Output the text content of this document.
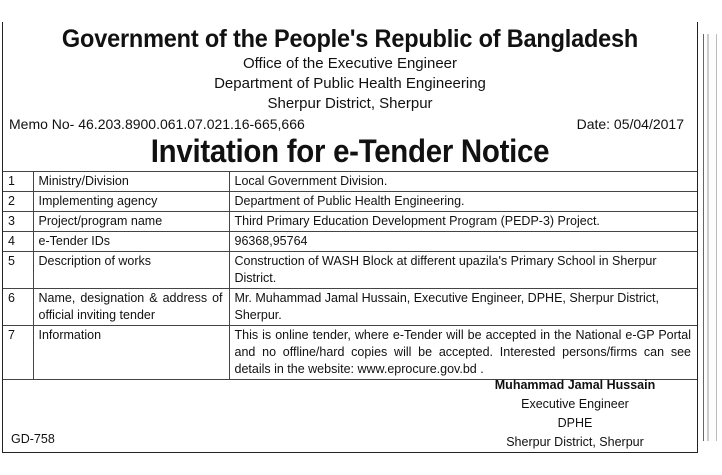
Government of the People's Republic of Bangladesh
Office of the Executive Engineer
Department of Public Health Engineering
Sherpur District, Sherpur
Memo No- 46.203.8900.061.07.021.16-665,666	Date: 05/04/2017
Invitation for e-Tender Notice
1	Ministry/Division	Local Government Division.
2	Implementing agency	Department of Public Health Engineering.
3	Project/program name	Third Primary Education Development Program (PEDP-3) Project.
4	e-Tender IDs	96368,95764
5	Description of works	Construction of WASH Block at different upazila's Primary School in Sherpur District.
6	Name, designation & address of official inviting tender	Mr. Muhammad Jamal Hussain, Executive Engineer, DPHE, Sherpur District, Sherpur.
7	Information	This is online tender, where e-Tender will be accepted in the National e-GP Portal and no offline/hard copies will be accepted. Interested persons/firms can see details in the website: www.eprocure.gov.bd .
Muhammad Jamal Hussain
Executive Engineer
DPHE
Sherpur District, Sherpur
GD-758
